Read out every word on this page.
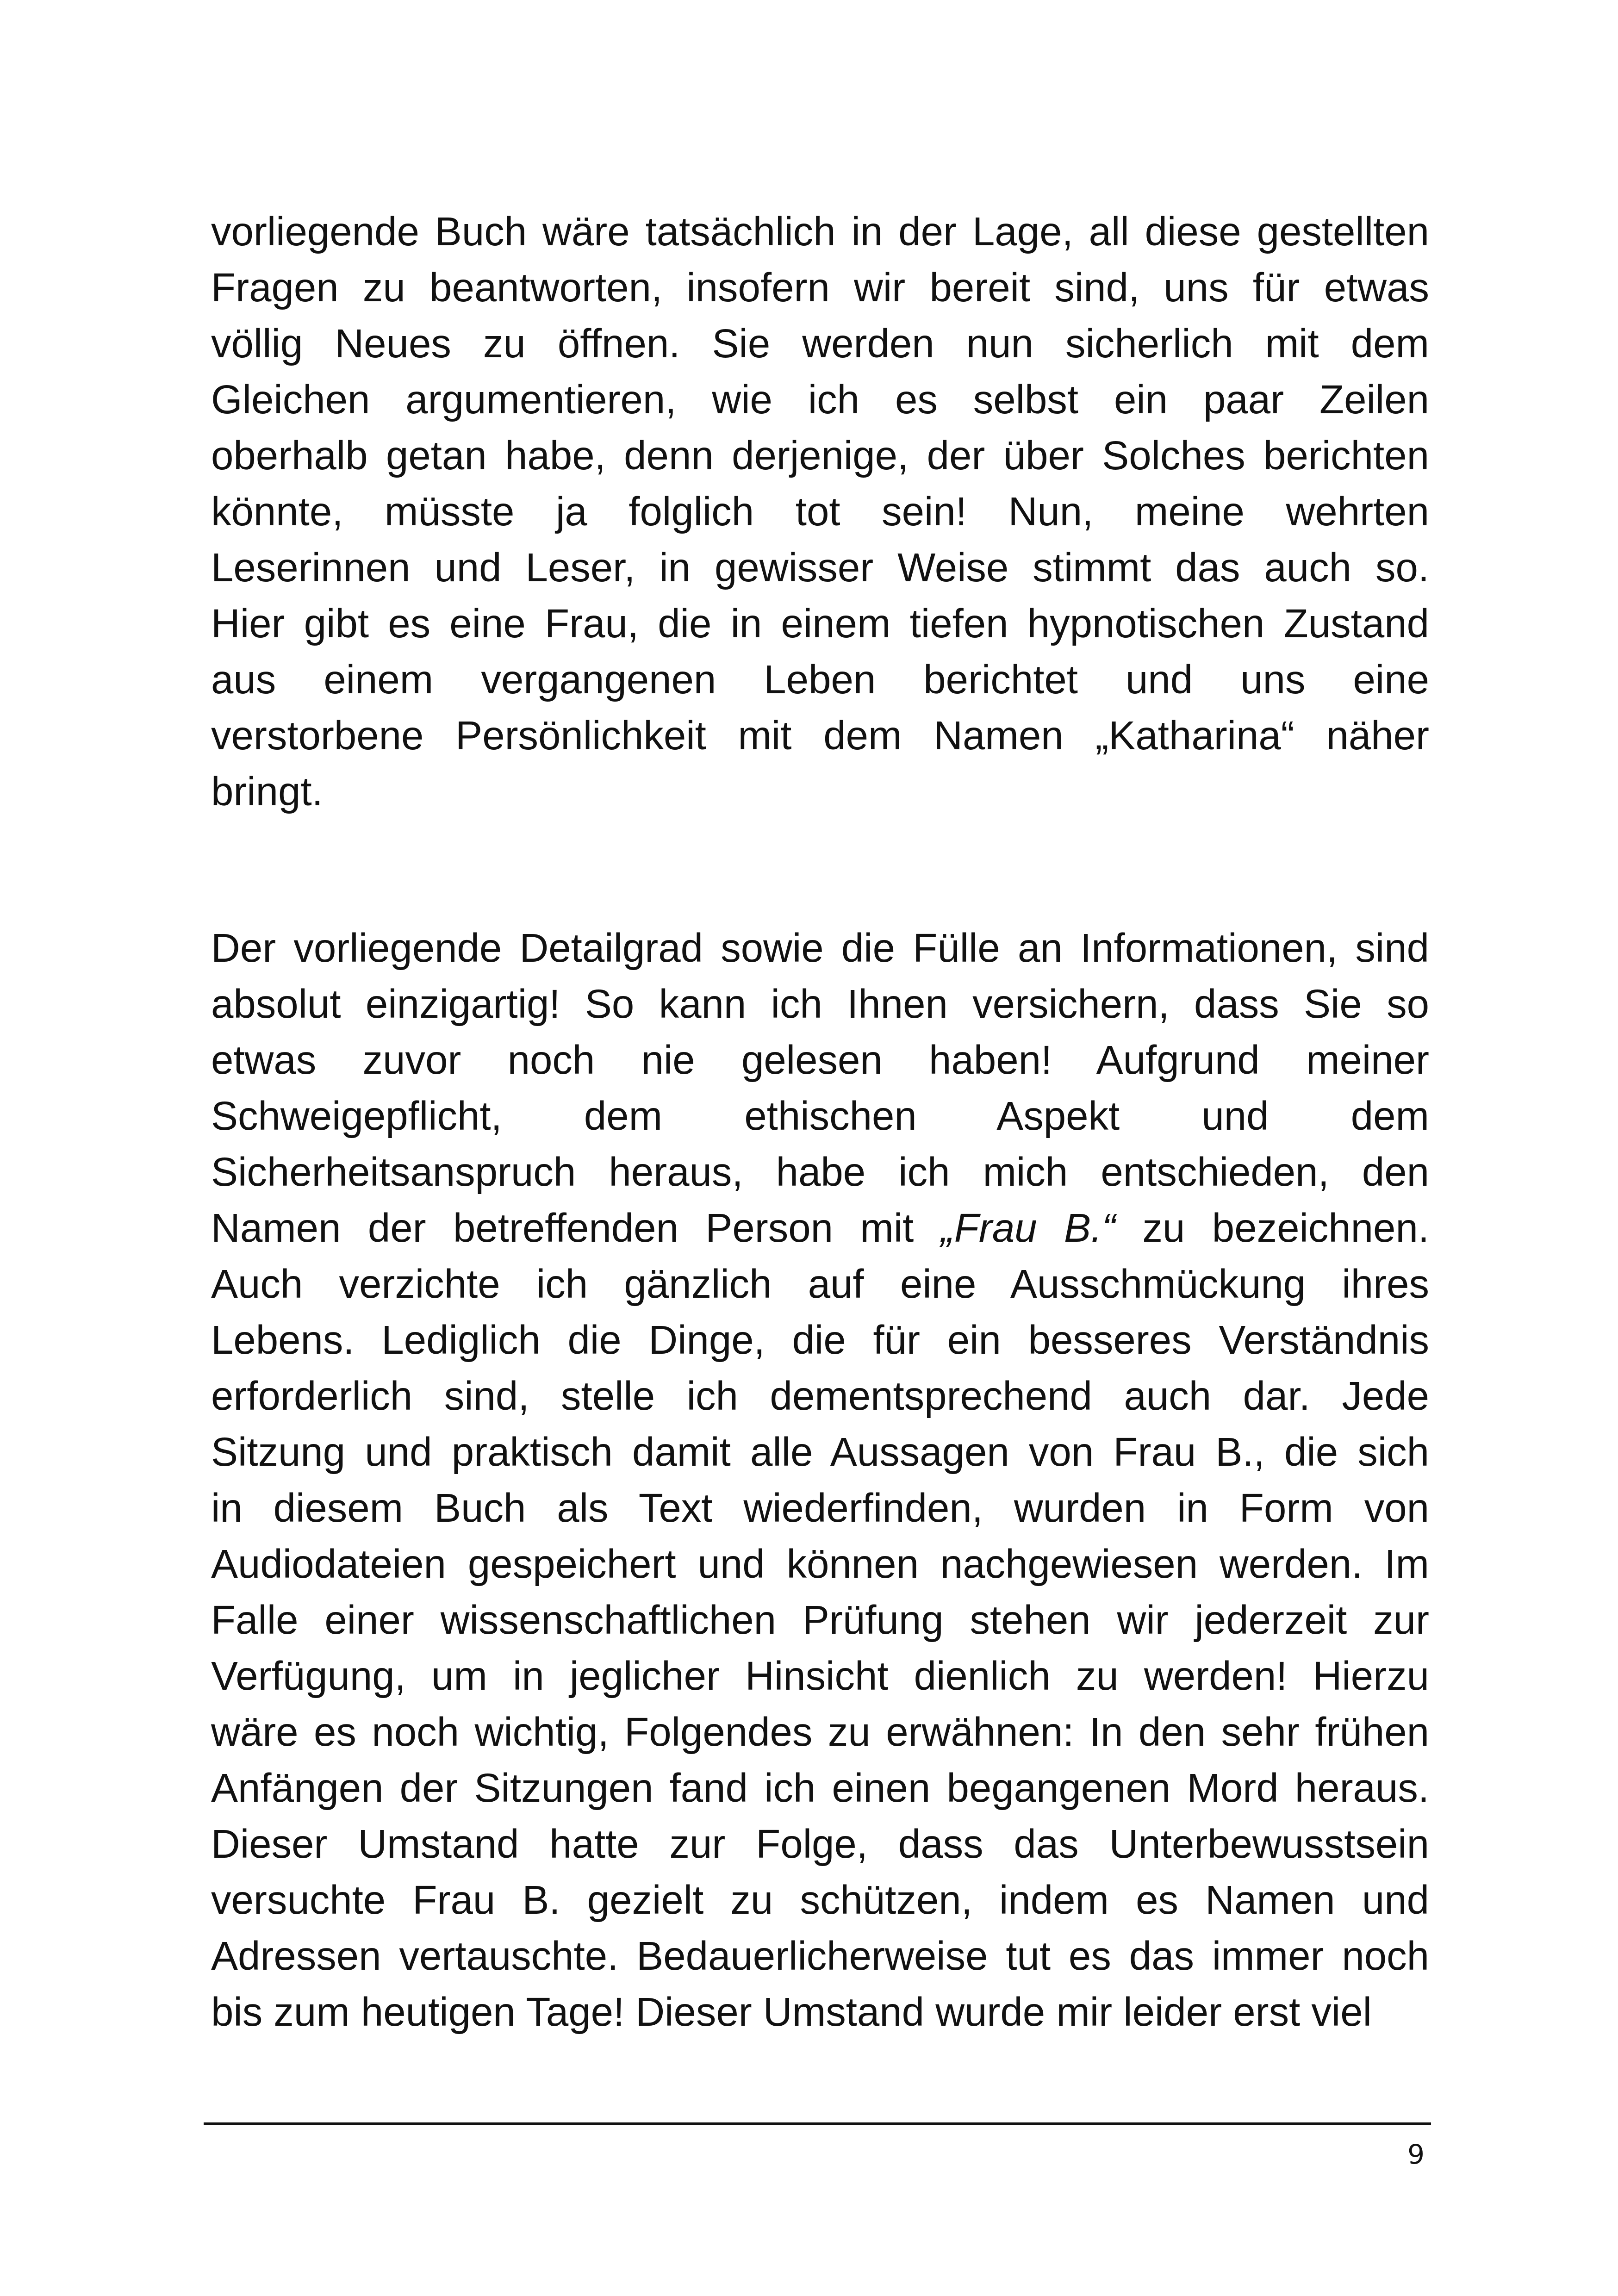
vorliegende Buch wäre tatsächlich in der Lage, all diese gestellten
Fragen zu beantworten, insofern wir bereit sind, uns für etwas
völlig Neues zu öffnen. Sie werden nun sicherlich mit dem
Gleichen argumentieren, wie ich es selbst ein paar Zeilen
oberhalb getan habe, denn derjenige, der über Solches berichten
könnte, müsste ja folglich tot sein! Nun, meine wehrten
Leserinnen und Leser, in gewisser Weise stimmt das auch so.
Hier gibt es eine Frau, die in einem tiefen hypnotischen Zustand
aus einem vergangenen Leben berichtet und uns eine
verstorbene Persönlichkeit mit dem Namen „Katharina“ näher
bringt.
Der vorliegende Detailgrad sowie die Fülle an Informationen, sind
absolut einzigartig! So kann ich Ihnen versichern, dass Sie so
etwas zuvor noch nie gelesen haben! Aufgrund meiner
Schweigepflicht, dem ethischen Aspekt und dem
Sicherheitsanspruch heraus, habe ich mich entschieden, den
Namen der betreffenden Person mit „Frau B.“ zu bezeichnen.
Auch verzichte ich gänzlich auf eine Ausschmückung ihres
Lebens. Lediglich die Dinge, die für ein besseres Verständnis
erforderlich sind, stelle ich dementsprechend auch dar. Jede
Sitzung und praktisch damit alle Aussagen von Frau B., die sich
in diesem Buch als Text wiederfinden, wurden in Form von
Audiodateien gespeichert und können nachgewiesen werden. Im
Falle einer wissenschaftlichen Prüfung stehen wir jederzeit zur
Verfügung, um in jeglicher Hinsicht dienlich zu werden! Hierzu
wäre es noch wichtig, Folgendes zu erwähnen: In den sehr frühen
Anfängen der Sitzungen fand ich einen begangenen Mord heraus.
Dieser Umstand hatte zur Folge, dass das Unterbewusstsein
versuchte Frau B. gezielt zu schützen, indem es Namen und
Adressen vertauschte. Bedauerlicherweise tut es das immer noch
bis zum heutigen Tage! Dieser Umstand wurde mir leider erst viel
9
